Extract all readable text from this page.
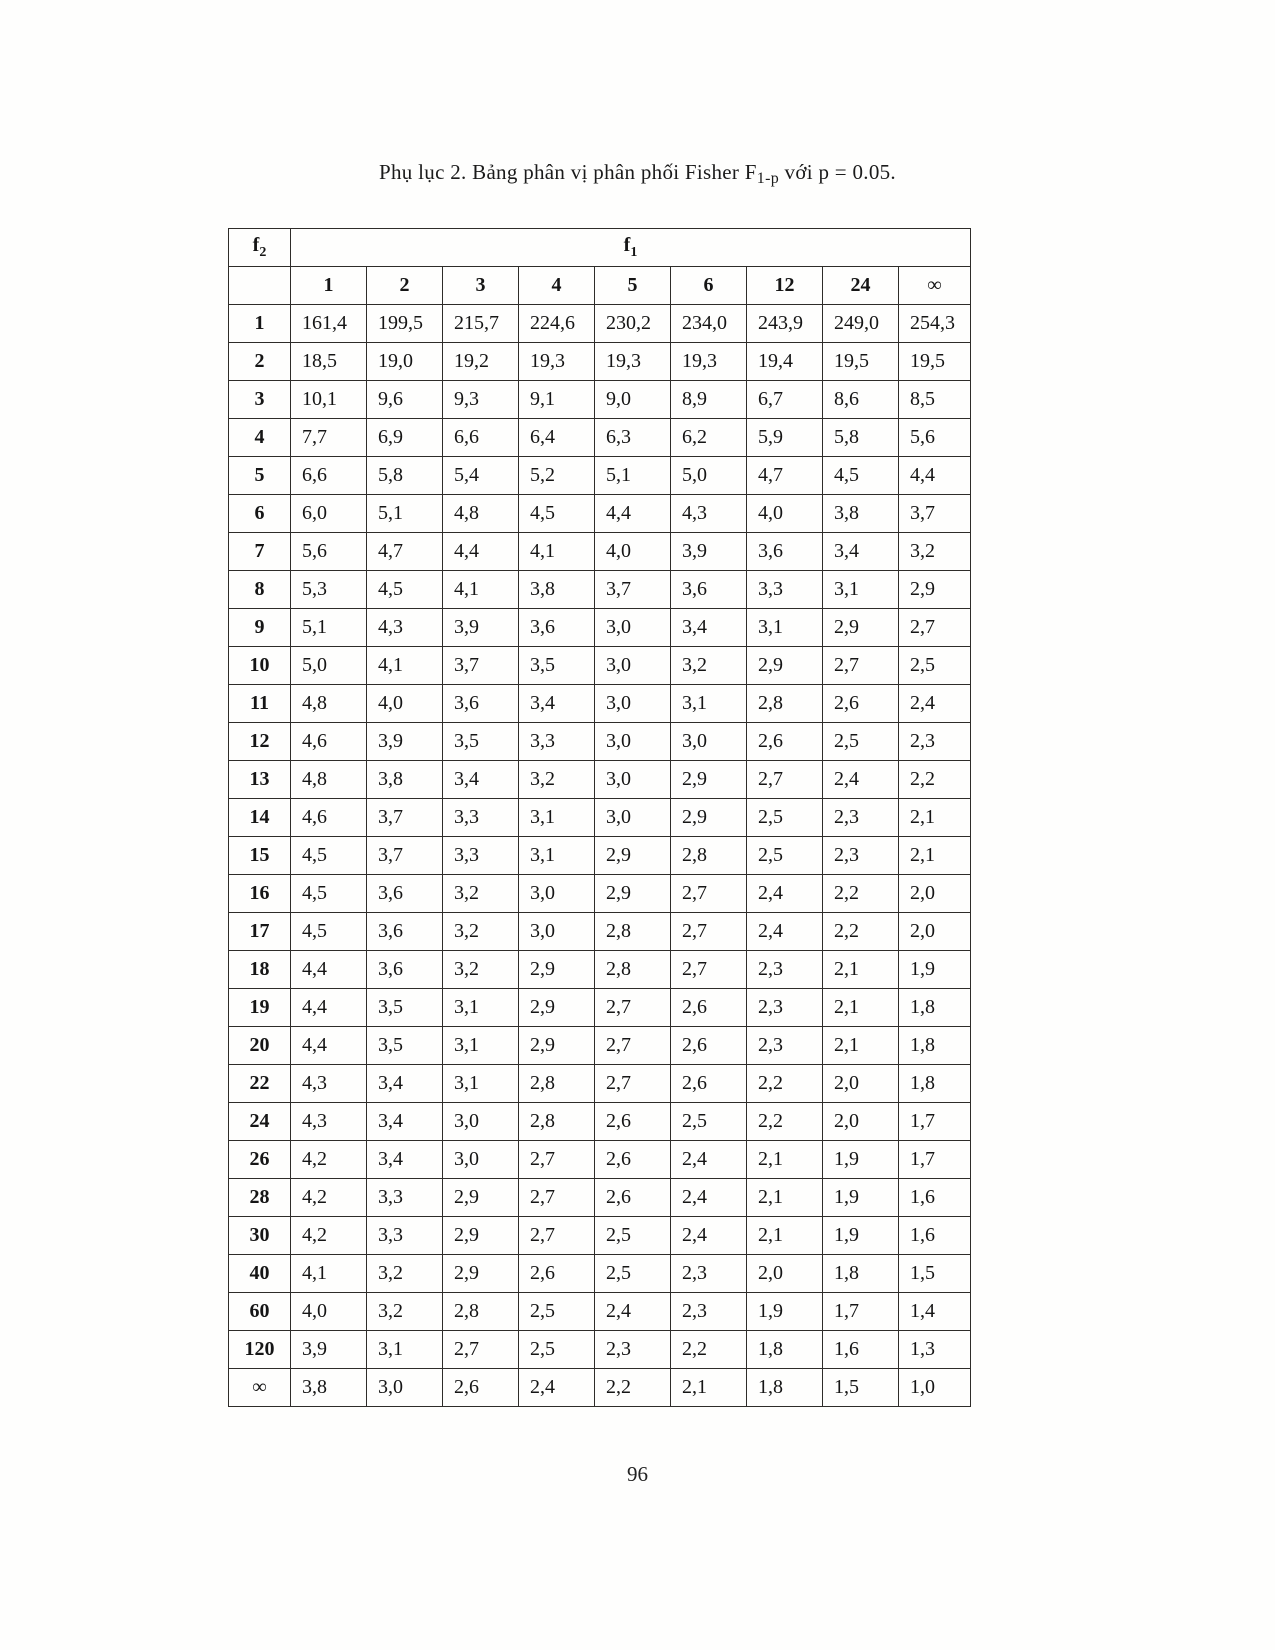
Phụ lục 2. Bảng phân vị phân phối Fisher $F_{1-p}$ với p = 0.05.
$f_2$	$f_1$
	1	2	3	4	5	6	12	24	∞
1	161,4	199,5	215,7	224,6	230,2	234,0	243,9	249,0	254,3
2	18,5	19,0	19,2	19,3	19,3	19,3	19,4	19,5	19,5
3	10,1	9,6	9,3	9,1	9,0	8,9	6,7	8,6	8,5
4	7,7	6,9	6,6	6,4	6,3	6,2	5,9	5,8	5,6
5	6,6	5,8	5,4	5,2	5,1	5,0	4,7	4,5	4,4
6	6,0	5,1	4,8	4,5	4,4	4,3	4,0	3,8	3,7
7	5,6	4,7	4,4	4,1	4,0	3,9	3,6	3,4	3,2
8	5,3	4,5	4,1	3,8	3,7	3,6	3,3	3,1	2,9
9	5,1	4,3	3,9	3,6	3,0	3,4	3,1	2,9	2,7
10	5,0	4,1	3,7	3,5	3,0	3,2	2,9	2,7	2,5
11	4,8	4,0	3,6	3,4	3,0	3,1	2,8	2,6	2,4
12	4,6	3,9	3,5	3,3	3,0	3,0	2,6	2,5	2,3
13	4,8	3,8	3,4	3,2	3,0	2,9	2,7	2,4	2,2
14	4,6	3,7	3,3	3,1	3,0	2,9	2,5	2,3	2,1
15	4,5	3,7	3,3	3,1	2,9	2,8	2,5	2,3	2,1
16	4,5	3,6	3,2	3,0	2,9	2,7	2,4	2,2	2,0
17	4,5	3,6	3,2	3,0	2,8	2,7	2,4	2,2	2,0
18	4,4	3,6	3,2	2,9	2,8	2,7	2,3	2,1	1,9
19	4,4	3,5	3,1	2,9	2,7	2,6	2,3	2,1	1,8
20	4,4	3,5	3,1	2,9	2,7	2,6	2,3	2,1	1,8
22	4,3	3,4	3,1	2,8	2,7	2,6	2,2	2,0	1,8
24	4,3	3,4	3,0	2,8	2,6	2,5	2,2	2,0	1,7
26	4,2	3,4	3,0	2,7	2,6	2,4	2,1	1,9	1,7
28	4,2	3,3	2,9	2,7	2,6	2,4	2,1	1,9	1,6
30	4,2	3,3	2,9	2,7	2,5	2,4	2,1	1,9	1,6
40	4,1	3,2	2,9	2,6	2,5	2,3	2,0	1,8	1,5
60	4,0	3,2	2,8	2,5	2,4	2,3	1,9	1,7	1,4
120	3,9	3,1	2,7	2,5	2,3	2,2	1,8	1,6	1,3
∞	3,8	3,0	2,6	2,4	2,2	2,1	1,8	1,5	1,0
96
